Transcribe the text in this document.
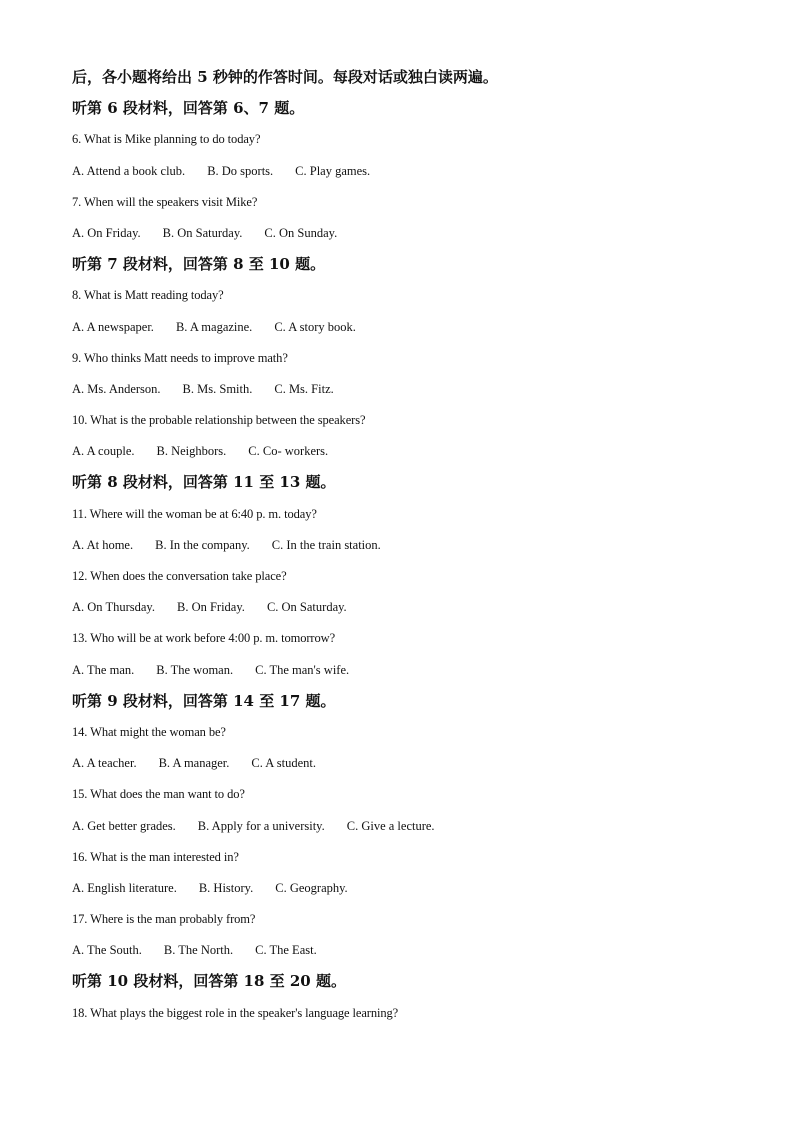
后，各小题将给出 5 秒钟的作答时间。每段对话或独白读两遍。
听第 6 段材料，回答第 6、7 题。
6. What is Mike planning to do today?
A. Attend a book club. B. Do sports. C. Play games.
7. When will the speakers visit Mike?
A. On Friday. B. On Saturday. C. On Sunday.
听第 7 段材料，回答第 8 至 10 题。
8. What is Matt reading today?
A. A newspaper. B. A magazine. C. A story book.
9. Who thinks Matt needs to improve math?
A. Ms. Anderson. B. Ms. Smith. C. Ms. Fitz.
10. What is the probable relationship between the speakers?
A. A couple. B. Neighbors. C. Co- workers.
听第 8 段材料，回答第 11 至 13 题。
11. Where will the woman be at 6:40 p. m. today?
A. At home. B. In the company. C. In the train station.
12. When does the conversation take place?
A. On Thursday. B. On Friday. C. On Saturday.
13. Who will be at work before 4:00 p. m. tomorrow?
A. The man. B. The woman. C. The man's wife.
听第 9 段材料，回答第 14 至 17 题。
14. What might the woman be?
A. A teacher. B. A manager. C. A student.
15. What does the man want to do?
A. Get better grades. B. Apply for a university. C. Give a lecture.
16. What is the man interested in?
A. English literature. B. History. C. Geography.
17. Where is the man probably from?
A. The South. B. The North. C. The East.
听第 10 段材料，回答第 18 至 20 题。
18. What plays the biggest role in the speaker's language learning?
